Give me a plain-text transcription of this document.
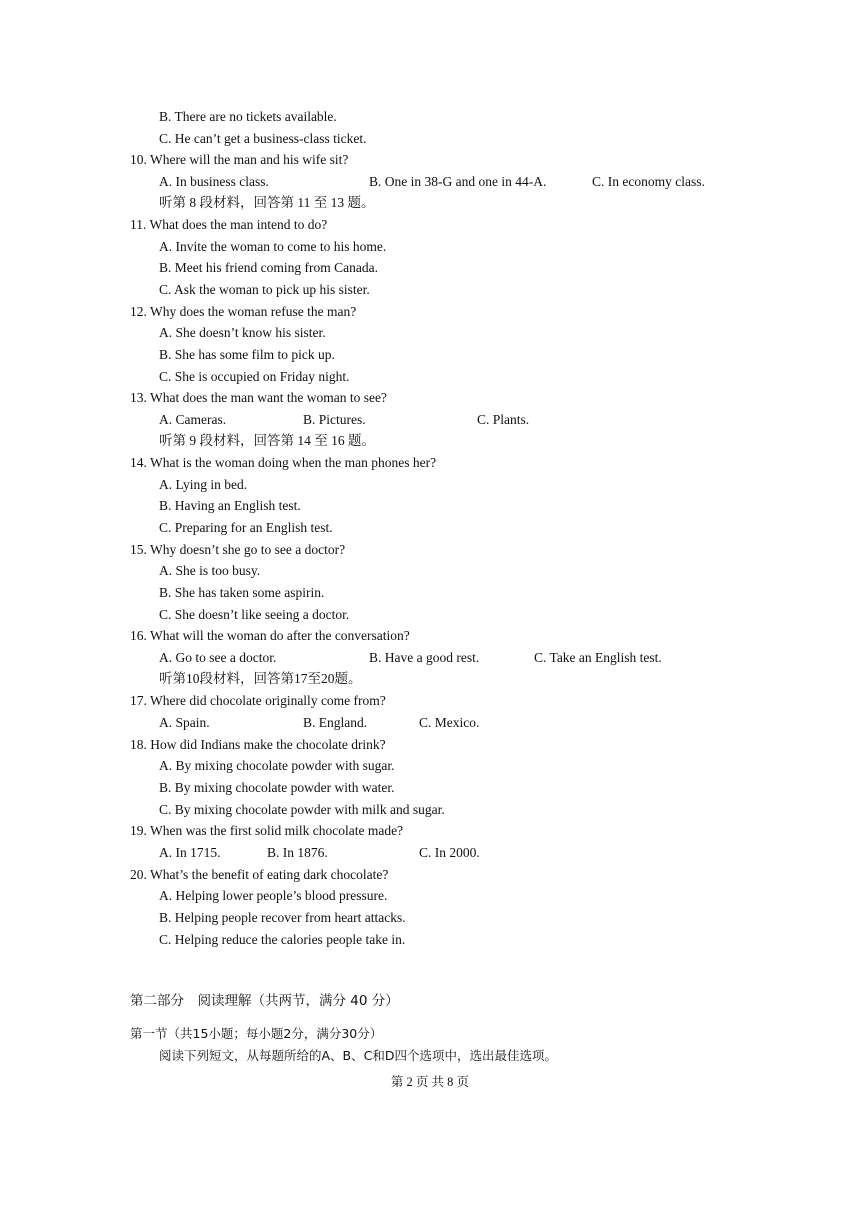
B. There are no tickets available.
C. He can’t get a business-class ticket.
10. Where will the man and his wife sit?
A. In business class.	B. One in 38-G and one in 44-A.	C. In economy class.
听第 8 段材料，回答第 11 至 13 题。
11. What does the man intend to do?
A. Invite the woman to come to his home.
B. Meet his friend coming from Canada.
C. Ask the woman to pick up his sister.
12. Why does the woman refuse the man?
A. She doesn’t know his sister.
B. She has some film to pick up.
C. She is occupied on Friday night.
13. What does the man want the woman to see?
A. Cameras.	B. Pictures.	C. Plants.
听第 9 段材料，回答第 14 至 16 题。
14. What is the woman doing when the man phones her?
A. Lying in bed.
B. Having an English test.
C. Preparing for an English test.
15. Why doesn’t she go to see a doctor?
A. She is too busy.
B. She has taken some aspirin.
C. She doesn’t like seeing a doctor.
16. What will the woman do after the conversation?
A. Go to see a doctor.	B. Have a good rest.	C. Take an English test.
听第10段材料，回答第17至20题。
17. Where did chocolate originally come from?
A. Spain.	B. England.	C. Mexico.
18. How did Indians make the chocolate drink?
A. By mixing chocolate powder with sugar.
B. By mixing chocolate powder with water.
C. By mixing chocolate powder with milk and sugar.
19. When was the first solid milk chocolate made?
A. In 1715.	B. In 1876.	C. In 2000.
20. What’s the benefit of eating dark chocolate?
A. Helping lower people’s blood pressure.
B. Helping people recover from heart attacks.
C. Helping reduce the calories people take in.
第二部分　阅读理解（共两节，满分 40 分）
第一节（共15小题；每小题2分，满分30分）
阅读下列短文，从每题所给的A、B、C和D四个选项中，选出最佳选项。
第 2 页 共 8 页
